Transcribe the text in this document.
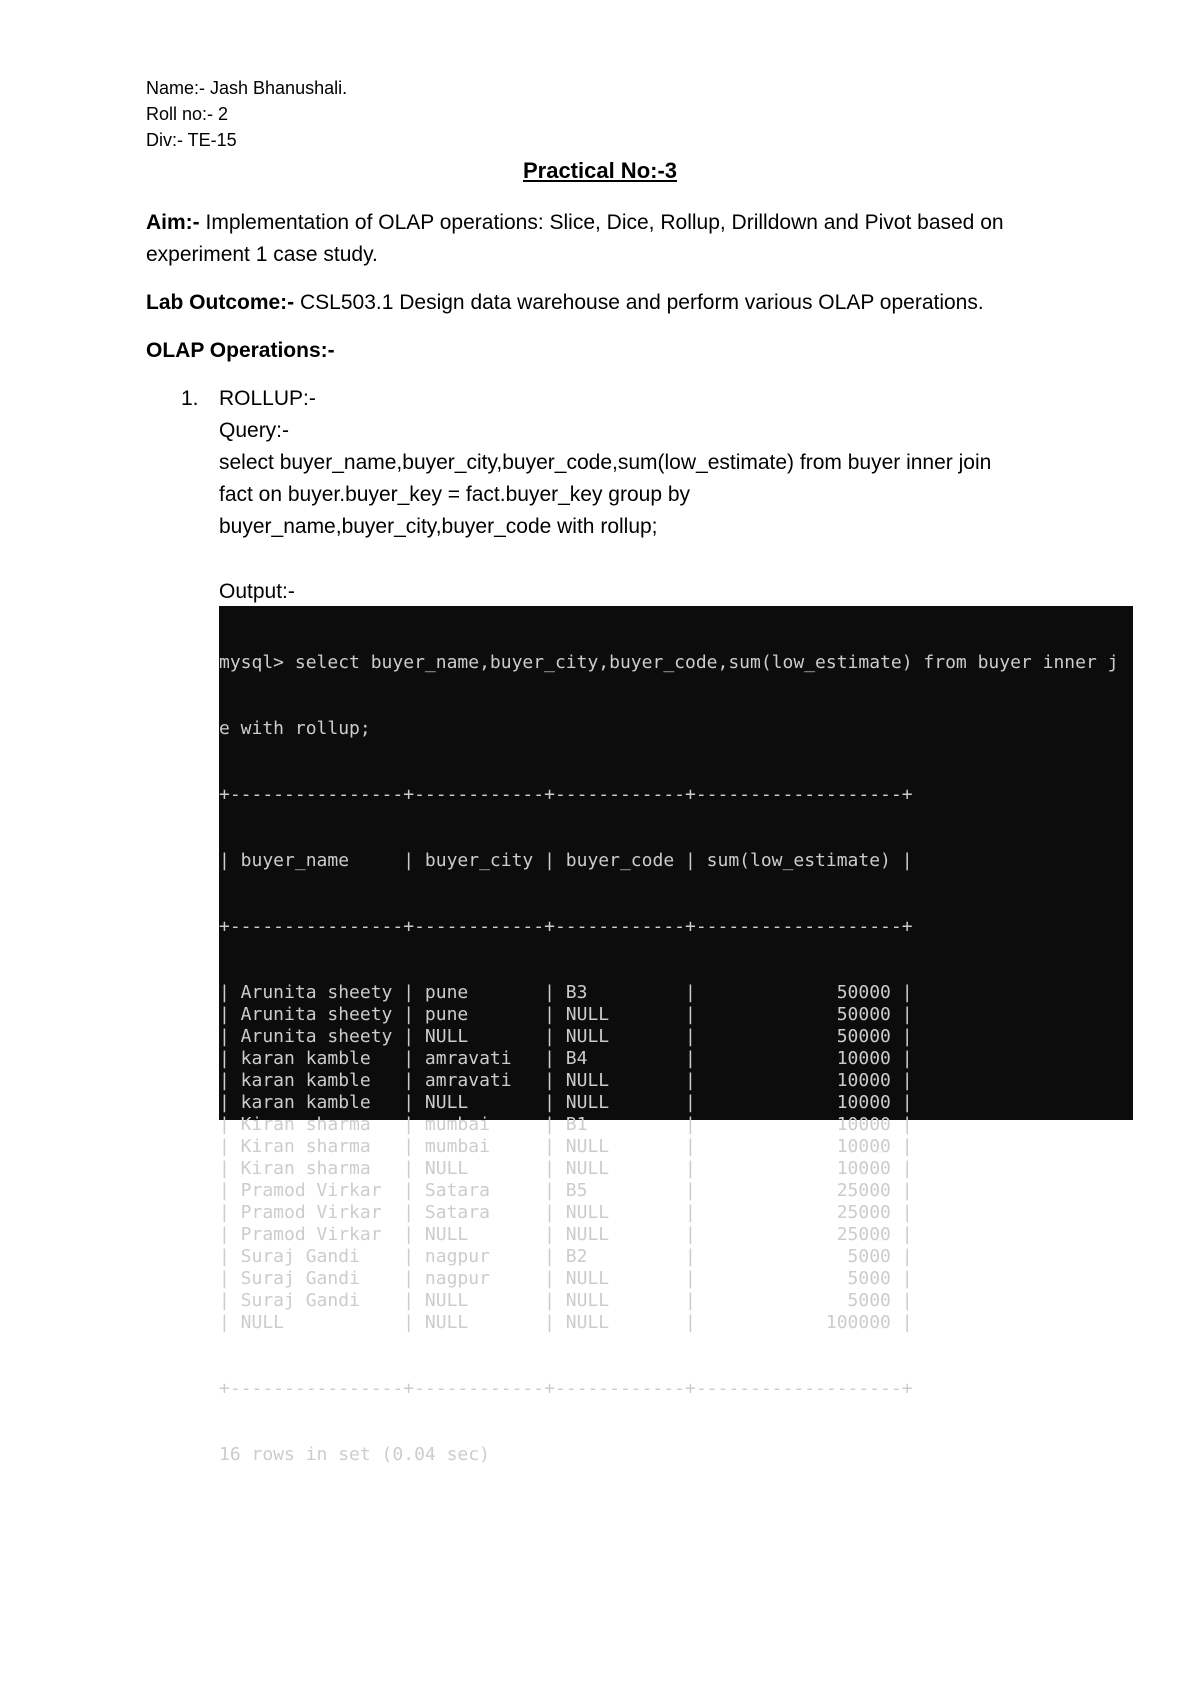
Name:- Jash Bhanushali.
Roll no:- 2
Div:- TE-15
Practical No:-3
Aim:- Implementation of OLAP operations: Slice, Dice, Rollup, Drilldown and Pivot based on
experiment 1 case study.
Lab Outcome:- CSL503.1 Design data warehouse and perform various OLAP operations.
OLAP Operations:-
1. ROLLUP:-
Query:-
select buyer_name,buyer_city,buyer_code,sum(low_estimate) from buyer inner join
fact on buyer.buyer_key = fact.buyer_key group by
buyer_name,buyer_city,buyer_code with rollup;
Output:-

mysql> select buyer_name,buyer_city,buyer_code,sum(low_estimate) from buyer inner j

e with rollup;

+----------------+------------+------------+-------------------+

| buyer_name     | buyer_city | buyer_code | sum(low_estimate) |

+----------------+------------+------------+-------------------+

| Arunita sheety | pune       | B3         |             50000 |
| Arunita sheety | pune       | NULL       |             50000 |
| Arunita sheety | NULL       | NULL       |             50000 |
| karan kamble   | amravati   | B4         |             10000 |
| karan kamble   | amravati   | NULL       |             10000 |
| karan kamble   | NULL       | NULL       |             10000 |
| Kiran sharma   | mumbai     | B1         |             10000 |
| Kiran sharma   | mumbai     | NULL       |             10000 |
| Kiran sharma   | NULL       | NULL       |             10000 |
| Pramod Virkar  | Satara     | B5         |             25000 |
| Pramod Virkar  | Satara     | NULL       |             25000 |
| Pramod Virkar  | NULL       | NULL       |             25000 |
| Suraj Gandi    | nagpur     | B2         |              5000 |
| Suraj Gandi    | nagpur     | NULL       |              5000 |
| Suraj Gandi    | NULL       | NULL       |              5000 |
| NULL           | NULL       | NULL       |            100000 |

+----------------+------------+------------+-------------------+

16 rows in set (0.04 sec)
